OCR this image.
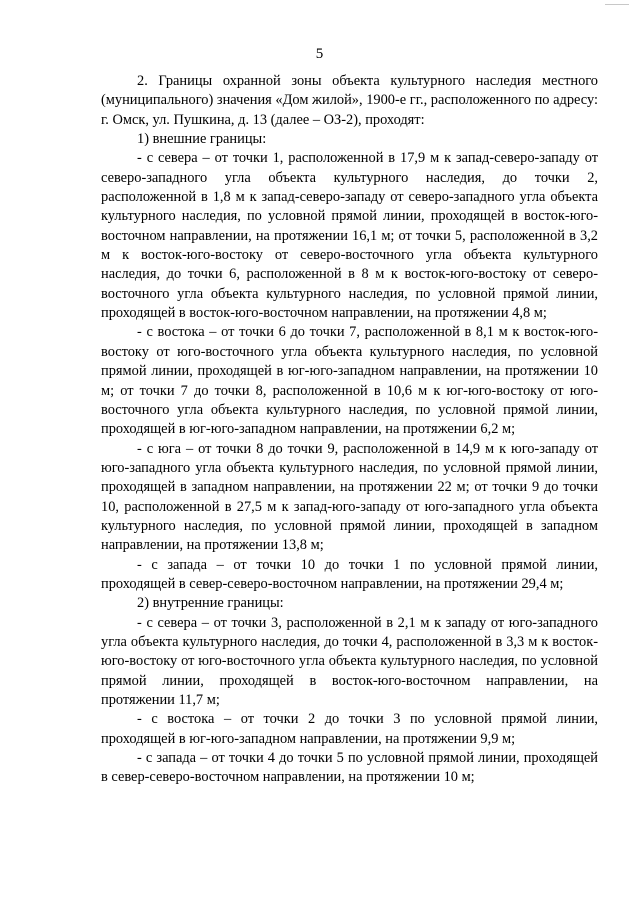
5

2. Границы охранной зоны объекта культурного наследия местного (муниципального) значения «Дом жилой», 1900-е гг., расположенного по адресу: г. Омск, ул. Пушкина, д. 13 (далее – ОЗ-2), проходят:

1) внешние границы:

- с севера – от точки 1, расположенной в 17,9 м к запад-северо-западу от северо-западного угла объекта культурного наследия, до точки 2, расположенной в 1,8 м к запад-северо-западу от северо-западного угла объекта культурного наследия, по условной прямой линии, проходящей в восток-юго-восточном направлении, на протяжении 16,1 м; от точки 5, расположенной в 3,2 м к восток-юго-востоку от северо-восточного угла объекта культурного наследия, до точки 6, расположенной в 8 м к восток-юго-востоку от северо-восточного угла объекта культурного наследия, по условной прямой линии, проходящей в восток-юго-восточном направлении, на протяжении 4,8 м;

- с востока – от точки 6 до точки 7, расположенной в 8,1 м к восток-юго-востоку от юго-восточного угла объекта культурного наследия, по условной прямой линии, проходящей в юг-юго-западном направлении, на протяжении 10 м; от точки 7 до точки 8, расположенной в 10,6 м к юг-юго-востоку от юго-восточного угла объекта культурного наследия, по условной прямой линии, проходящей в юг-юго-западном направлении, на протяжении 6,2 м;

- с юга – от точки 8 до точки 9, расположенной в 14,9 м к юго-западу от юго-западного угла объекта культурного наследия, по условной прямой линии, проходящей в западном направлении, на протяжении 22 м; от точки 9 до точки 10, расположенной в 27,5 м к запад-юго-западу от юго-западного угла объекта культурного наследия, по условной прямой линии, проходящей в западном направлении, на протяжении 13,8 м;

- с запада – от точки 10 до точки 1 по условной прямой линии, проходящей в север-северо-восточном направлении, на протяжении 29,4 м;

2) внутренние границы:

- с севера – от точки 3, расположенной в 2,1 м к западу от юго-западного угла объекта культурного наследия, до точки 4, расположенной в 3,3 м к восток-юго-востоку от юго-восточного угла объекта культурного наследия, по условной прямой линии, проходящей в восток-юго-восточном направлении, на протяжении 11,7 м;

- с востока – от точки 2 до точки 3 по условной прямой линии, проходящей в юг-юго-западном направлении, на протяжении 9,9 м;

- с запада – от точки 4 до точки 5 по условной прямой линии, проходящей в север-северо-восточном направлении, на протяжении 10 м;
